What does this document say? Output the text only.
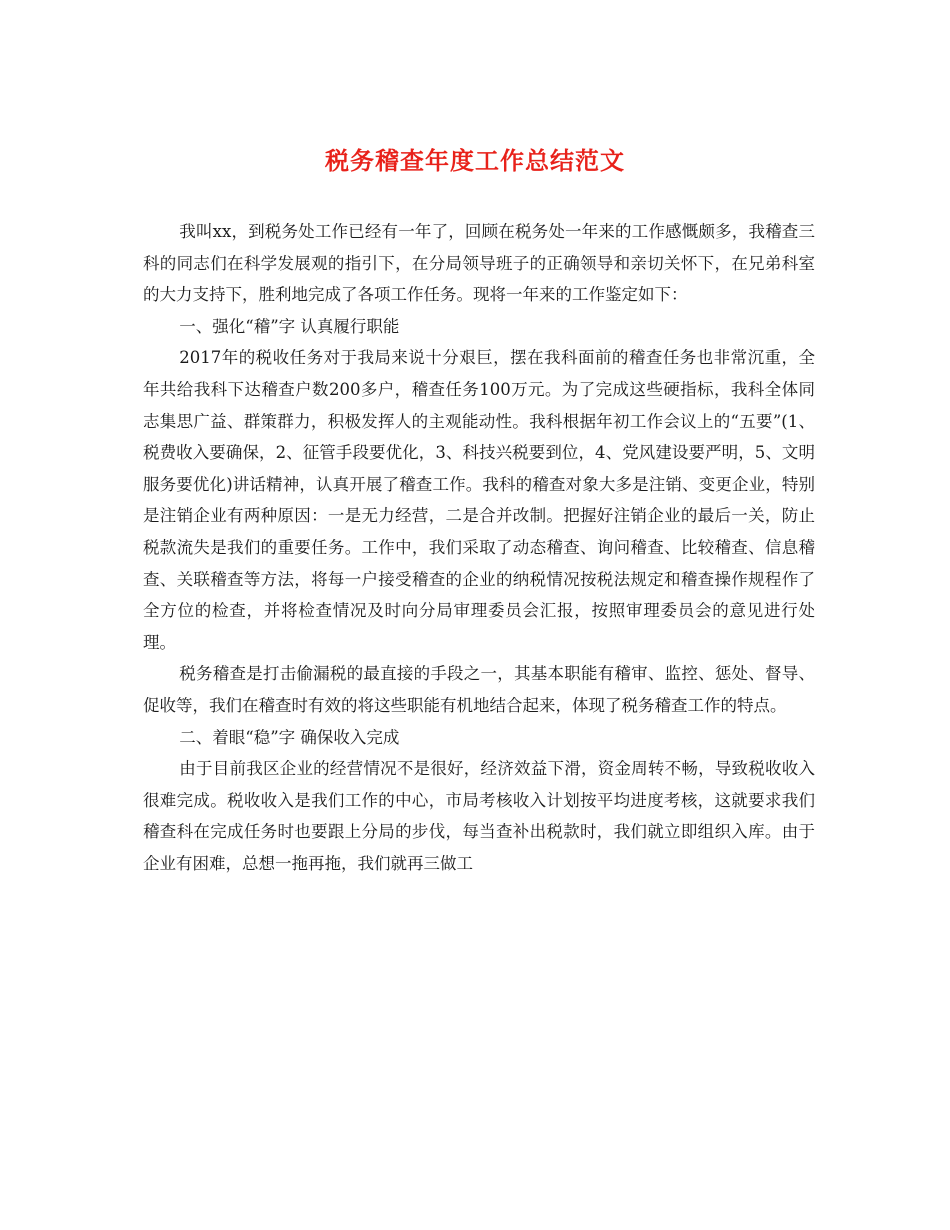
税务稽查年度工作总结范文

我叫xx，到税务处工作已经有一年了，回顾在税务处一年来的工作感慨颇多，我稽查三科的同志们在科学发展观的指引下，在分局领导班子的正确领导和亲切关怀下，在兄弟科室的大力支持下，胜利地完成了各项工作任务。现将一年来的工作鉴定如下：

一、强化“稽”字 认真履行职能

2017年的税收任务对于我局来说十分艰巨，摆在我科面前的稽查任务也非常沉重，全年共给我科下达稽查户数200多户，稽查任务100万元。为了完成这些硬指标，我科全体同志集思广益、群策群力，积极发挥人的主观能动性。我科根据年初工作会议上的“五要”(1、税费收入要确保，2、征管手段要优化，3、科技兴税要到位，4、党风建设要严明，5、文明服务要优化)讲话精神，认真开展了稽查工作。我科的稽查对象大多是注销、变更企业，特别是注销企业有两种原因：一是无力经营，二是合并改制。把握好注销企业的最后一关，防止税款流失是我们的重要任务。工作中，我们采取了动态稽查、询问稽查、比较稽查、信息稽查、关联稽查等方法，将每一户接受稽查的企业的纳税情况按税法规定和稽查操作规程作了全方位的检查，并将检查情况及时向分局审理委员会汇报，按照审理委员会的意见进行处理。

税务稽查是打击偷漏税的最直接的手段之一，其基本职能有稽审、监控、惩处、督导、促收等，我们在稽查时有效的将这些职能有机地结合起来，体现了税务稽查工作的特点。

二、着眼“稳”字 确保收入完成

由于目前我区企业的经营情况不是很好，经济效益下滑，资金周转不畅，导致税收收入很难完成。税收收入是我们工作的中心，市局考核收入计划按平均进度考核，这就要求我们稽查科在完成任务时也要跟上分局的步伐，每当查补出税款时，我们就立即组织入库。由于企业有困难，总想一拖再拖，我们就再三做工
